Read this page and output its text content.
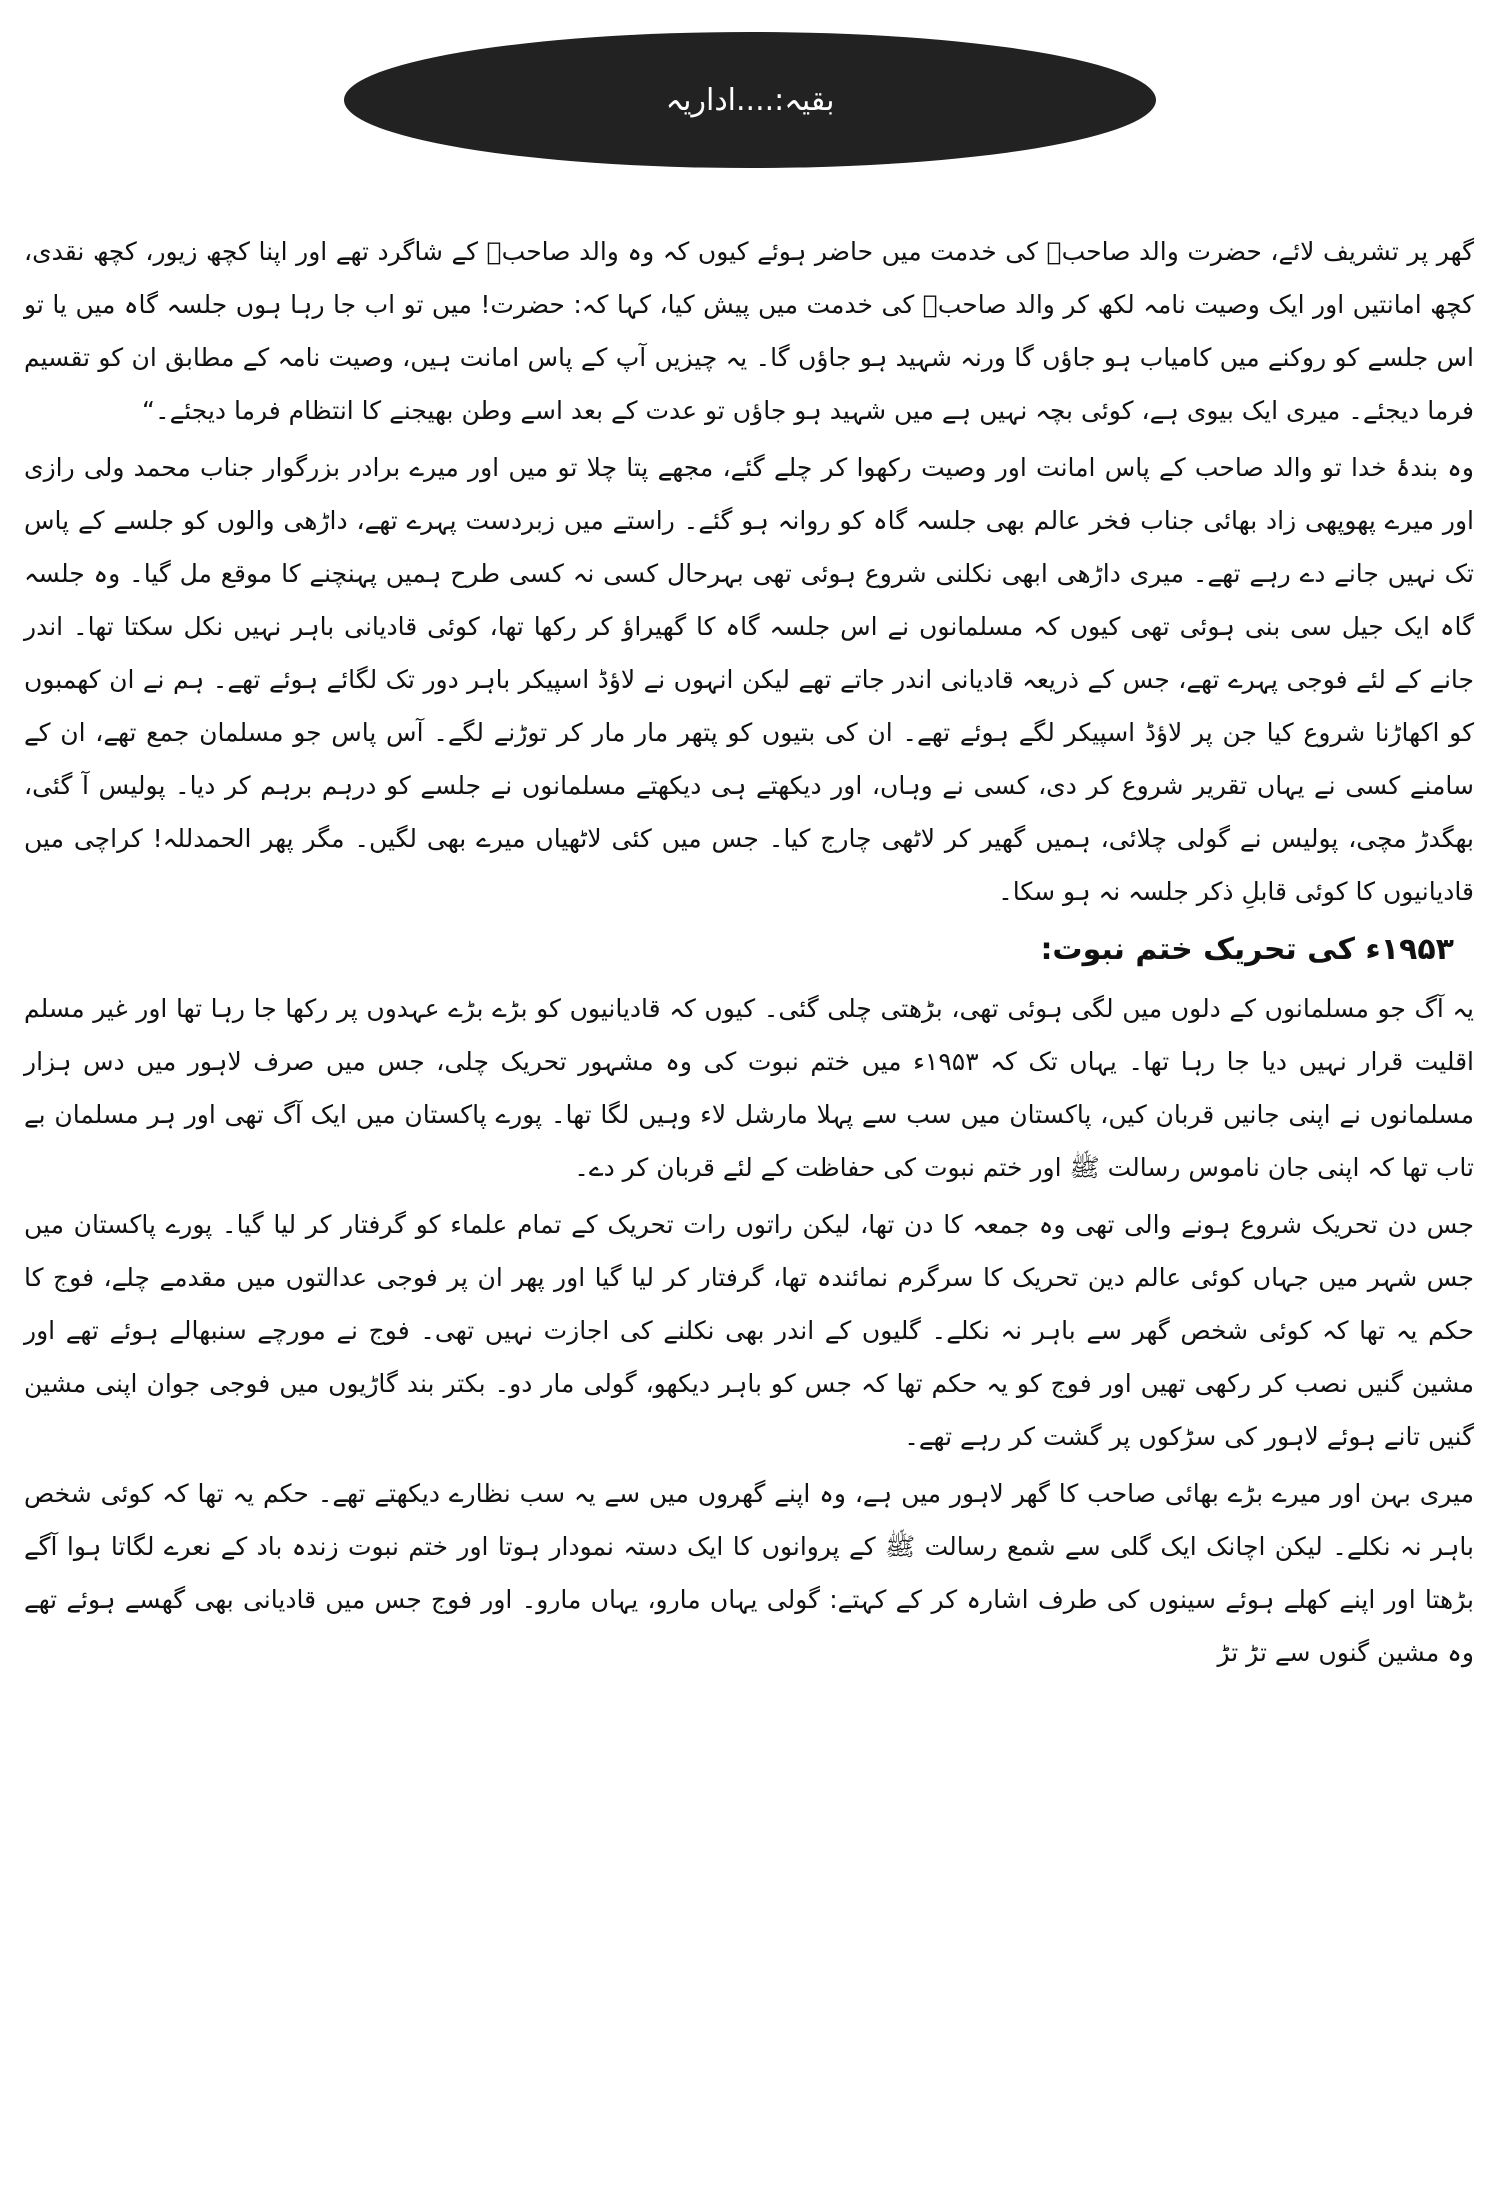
بقیہ:....اداریہ

گھر پر تشریف لائے، حضرت والد صاحبؒ کی خدمت میں حاضر ہوئے کیوں کہ وہ والد صاحبؒ کے شاگرد تھے اور اپنا کچھ زیور، کچھ نقدی، کچھ امانتیں اور ایک وصیت نامہ لکھ کر والد صاحبؒ کی خدمت میں پیش کیا، کہا کہ: حضرت! میں تو اب جا رہا ہوں جلسہ گاہ میں یا تو اس جلسے کو روکنے میں کامیاب ہو جاؤں گا ورنہ شہید ہو جاؤں گا۔ یہ چیزیں آپ کے پاس امانت ہیں، وصیت نامہ کے مطابق ان کو تقسیم فرما دیجئے۔ میری ایک بیوی ہے، کوئی بچہ نہیں ہے میں شہید ہو جاؤں تو عدت کے بعد اسے وطن بھیجنے کا انتظام فرما دیجئے۔“

وہ بندۂ خدا تو والد صاحب کے پاس امانت اور وصیت رکھوا کر چلے گئے، مجھے پتا چلا تو میں اور میرے برادر بزرگوار جناب محمد ولی رازی اور میرے پھوپھی زاد بھائی جناب فخر عالم بھی جلسہ گاہ کو روانہ ہو گئے۔ راستے میں زبردست پہرے تھے، داڑھی والوں کو جلسے کے پاس تک نہیں جانے دے رہے تھے۔ میری داڑھی ابھی نکلنی شروع ہوئی تھی بہرحال کسی نہ کسی طرح ہمیں پہنچنے کا موقع مل گیا۔ وہ جلسہ گاہ ایک جیل سی بنی ہوئی تھی کیوں کہ مسلمانوں نے اس جلسہ گاہ کا گھیراؤ کر رکھا تھا، کوئی قادیانی باہر نہیں نکل سکتا تھا۔ اندر جانے کے لئے فوجی پہرے تھے، جس کے ذریعہ قادیانی اندر جاتے تھے لیکن انہوں نے لاؤڈ اسپیکر باہر دور تک لگائے ہوئے تھے۔ ہم نے ان کھمبوں کو اکھاڑنا شروع کیا جن پر لاؤڈ اسپیکر لگے ہوئے تھے۔ ان کی بتیوں کو پتھر مار مار کر توڑنے لگے۔ آس پاس جو مسلمان جمع تھے، ان کے سامنے کسی نے یہاں تقریر شروع کر دی، کسی نے وہاں، اور دیکھتے ہی دیکھتے مسلمانوں نے جلسے کو درہم برہم کر دیا۔ پولیس آ گئی، بھگدڑ مچی، پولیس نے گولی چلائی، ہمیں گھیر کر لاٹھی چارج کیا۔ جس میں کئی لاٹھیاں میرے بھی لگیں۔ مگر پھر الحمدللہ! کراچی میں قادیانیوں کا کوئی قابلِ ذکر جلسہ نہ ہو سکا۔

۱۹۵۳ء کی تحریک ختم نبوت:

یہ آگ جو مسلمانوں کے دلوں میں لگی ہوئی تھی، بڑھتی چلی گئی۔ کیوں کہ قادیانیوں کو بڑے بڑے عہدوں پر رکھا جا رہا تھا اور غیر مسلم اقلیت قرار نہیں دیا جا رہا تھا۔ یہاں تک کہ ۱۹۵۳ء میں ختم نبوت کی وہ مشہور تحریک چلی، جس میں صرف لاہور میں دس ہزار مسلمانوں نے اپنی جانیں قربان کیں، پاکستان میں سب سے پہلا مارشل لاء وہیں لگا تھا۔ پورے پاکستان میں ایک آگ تھی اور ہر مسلمان بے تاب تھا کہ اپنی جان ناموس رسالت ﷺ اور ختم نبوت کی حفاظت کے لئے قربان کر دے۔

جس دن تحریک شروع ہونے والی تھی وہ جمعہ کا دن تھا، لیکن راتوں رات تحریک کے تمام علماء کو گرفتار کر لیا گیا۔ پورے پاکستان میں جس شہر میں جہاں کوئی عالم دین تحریک کا سرگرم نمائندہ تھا، گرفتار کر لیا گیا اور پھر ان پر فوجی عدالتوں میں مقدمے چلے، فوج کا حکم یہ تھا کہ کوئی شخص گھر سے باہر نہ نکلے۔ گلیوں کے اندر بھی نکلنے کی اجازت نہیں تھی۔ فوج نے مورچے سنبھالے ہوئے تھے اور مشین گنیں نصب کر رکھی تھیں اور فوج کو یہ حکم تھا کہ جس کو باہر دیکھو، گولی مار دو۔ بکتر بند گاڑیوں میں فوجی جوان اپنی مشین گنیں تانے ہوئے لاہور کی سڑکوں پر گشت کر رہے تھے۔

میری بہن اور میرے بڑے بھائی صاحب کا گھر لاہور میں ہے، وہ اپنے گھروں میں سے یہ سب نظارے دیکھتے تھے۔ حکم یہ تھا کہ کوئی شخص باہر نہ نکلے۔ لیکن اچانک ایک گلی سے شمع رسالت ﷺ کے پروانوں کا ایک دستہ نمودار ہوتا اور ختم نبوت زندہ باد کے نعرے لگاتا ہوا آگے بڑھتا اور اپنے کھلے ہوئے سینوں کی طرف اشارہ کر کے کہتے: گولی یہاں مارو، یہاں مارو۔ اور فوج جس میں قادیانی بھی گھسے ہوئے تھے وہ مشین گنوں سے تڑ تڑ
